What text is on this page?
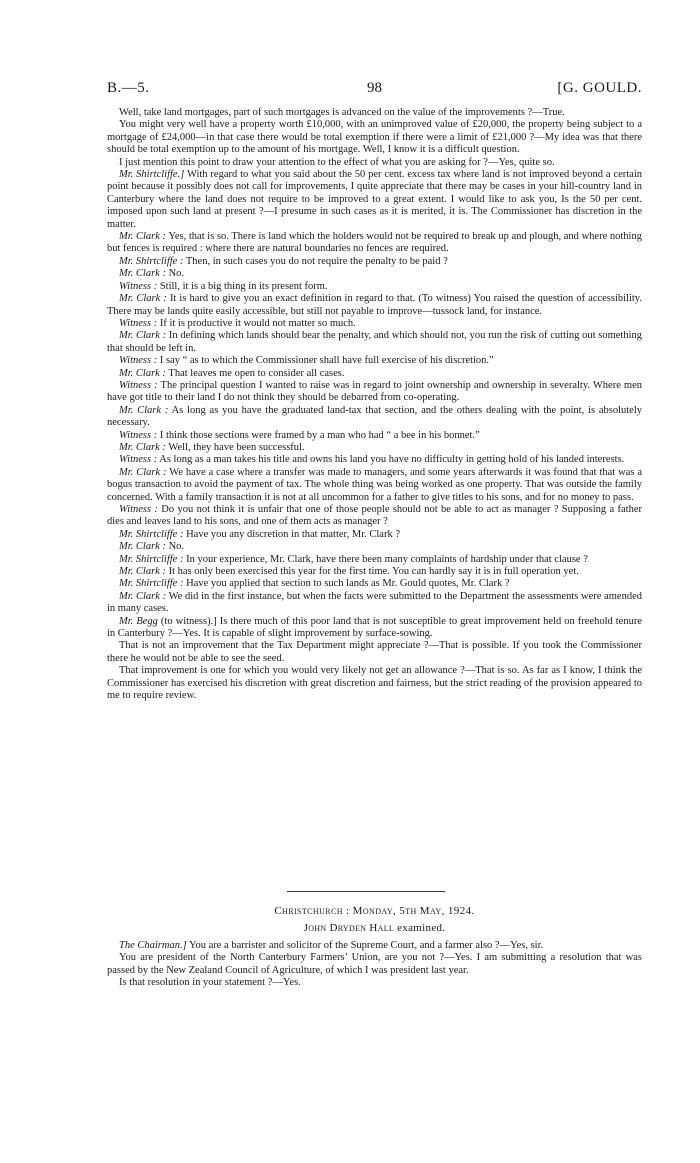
B.—5.	98	[G. GOULD.

Well, take land mortgages, part of such mortgages is advanced on the value of the improvements ?—True.

You might very well have a property worth £10,000, with an unimproved value of £20,000, the property being subject to a mortgage of £24,000—in that case there would be total exemption if there were a limit of £21,000 ?—My idea was that there should be total exemption up to the amount of his mortgage. Well, I know it is a difficult question.

I just mention this point to draw your attention to the effect of what you are asking for ?—Yes, quite so.

Mr. Shirtcliffe.] With regard to what you said about the 50 per cent. excess tax where land is not improved beyond a certain point because it possibly does not call for improvements, I quite appreciate that there may be cases in your hill-country land in Canterbury where the land does not require to be improved to a great extent. I would like to ask you, Is the 50 per cent. imposed upon such land at present ?—I presume in such cases as it is merited, it is. The Commissioner has discretion in the matter.

Mr. Clark : Yes, that is so. There is land which the holders would not be required to break up and plough, and where nothing but fences is required : where there are natural boundaries no fences are required.

Mr. Shirtcliffe : Then, in such cases you do not require the penalty to be paid ?

Mr. Clark : No.

Witness : Still, it is a big thing in its present form.

Mr. Clark : It is hard to give you an exact definition in regard to that. (To witness) You raised the question of accessibility. There may be lands quite easily accessible, but still not payable to improve—tussock land, for instance.

Witness : If it is productive it would not matter so much.

Mr. Clark : In defining which lands should bear the penalty, and which should not, you run the risk of cutting out something that should be left in.

Witness : I say “ as to which the Commissioner shall have full exercise of his discretion.”

Mr. Clark : That leaves me open to consider all cases.

Witness : The principal question I wanted to raise was in regard to joint ownership and ownership in severalty. Where men have got title to their land I do not think they should be debarred from co-operating.

Mr. Clark : As long as you have the graduated land-tax that section, and the others dealing with the point, is absolutely necessary.

Witness : I think those sections were framed by a man who had “ a bee in his bonnet.”

Mr. Clark : Well, they have been successful.

Witness : As long as a man takes his title and owns his land you have no difficulty in getting hold of his landed interests.

Mr. Clark : We have a case where a transfer was made to managers, and some years afterwards it was found that that was a bogus transaction to avoid the payment of tax. The whole thing was being worked as one property. That was outside the family concerned. With a family transaction it is not at all uncommon for a father to give titles to his sons, and for no money to pass.

Witness : Do you not think it is unfair that one of those people should not be able to act as manager ? Supposing a father dies and leaves land to his sons, and one of them acts as manager ?

Mr. Shirtcliffe : Have you any discretion in that matter, Mr. Clark ?

Mr. Clark : No.

Mr. Shirtcliffe : In your experience, Mr. Clark, have there been many complaints of hardship under that clause ?

Mr. Clark : It has only been exercised this year for the first time. You can hardly say it is in full operation yet.

Mr. Shirtcliffe : Have you applied that section to such lands as Mr. Gould quotes, Mr. Clark ?

Mr. Clark : We did in the first instance, but when the facts were submitted to the Department the assessments were amended in many cases.

Mr. Begg (to witness).] Is there much of this poor land that is not susceptible to great improvement held on freehold tenure in Canterbury ?—Yes. It is capable of slight improvement by surface-sowing.

That is not an improvement that the Tax Department might appreciate ?—That is possible. If you took the Commissioner there he would not be able to see the seed.

That improvement is one for which you would very likely not get an allowance ?—That is so. As far as I know, I think the Commissioner has exercised his discretion with great discretion and fairness, but the strict reading of the provision appeared to me to require review.

Christchurch : Monday, 5th May, 1924.
John Dryden Hall examined.

The Chairman.] You are a barrister and solicitor of the Supreme Court, and a farmer also ?—Yes, sir.

You are president of the North Canterbury Farmers’ Union, are you not ?—Yes. I am submitting a resolution that was passed by the New Zealand Council of Agriculture, of which I was president last year.

Is that resolution in your statement ?—Yes.
